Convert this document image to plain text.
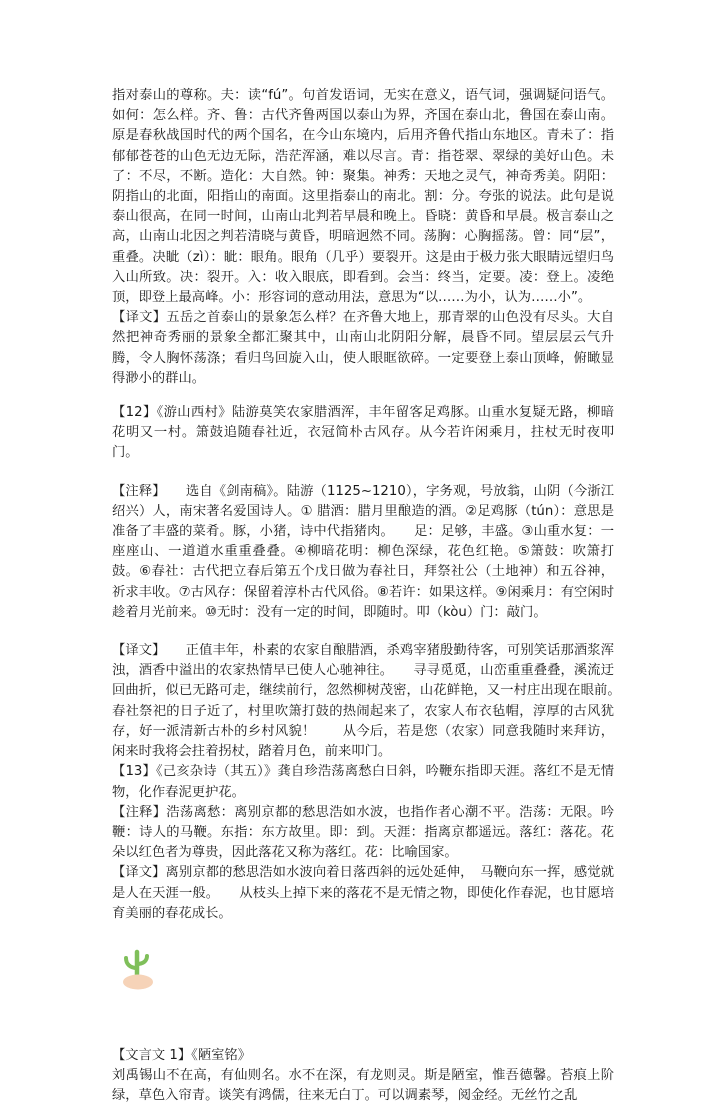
指对泰山的尊称。夫：读“fú”。句首发语词，无实在意义，语气词，强调疑问语气。如何：怎么样。齐、鲁：古代齐鲁两国以泰山为界，齐国在泰山北，鲁国在泰山南。原是春秋战国时代的两个国名，在今山东境内，后用齐鲁代指山东地区。青未了：指郁郁苍苍的山色无边无际，浩茫浑涵，难以尽言。青：指苍翠、翠绿的美好山色。未了：不尽，不断。造化：大自然。钟：聚集。神秀：天地之灵气，神奇秀美。阴阳：阴指山的北面，阳指山的南面。这里指泰山的南北。割：分。夸张的说法。此句是说泰山很高，在同一时间，山南山北判若早晨和晚上。昏晓：黄昏和早晨。极言泰山之高，山南山北因之判若清晓与黄昏，明暗迥然不同。荡胸：心胸摇荡。曾：同“层”，重叠。决眦（zì）：眦：眼角。眼角（几乎）要裂开。这是由于极力张大眼睛远望归鸟入山所致。决：裂开。入：收入眼底，即看到。会当：终当，定要。凌：登上。凌绝顶，即登上最高峰。小：形容词的意动用法，意思为“以……为小，认为……小”。

【译文】五岳之首泰山的景象怎么样？在齐鲁大地上，那青翠的山色没有尽头。大自然把神奇秀丽的景象全都汇聚其中，山南山北阴阳分解，晨昏不同。望层层云气升腾，令人胸怀荡涤；看归鸟回旋入山，使人眼眶欲碎。一定要登上泰山顶峰，俯瞰显得渺小的群山。

【12】《游山西村》陆游莫笑农家腊酒浑，丰年留客足鸡豚。山重水复疑无路，柳暗花明又一村。箫鼓追随春社近，衣冠简朴古风存。从今若许闲乘月，拄杖无时夜叩门。

【注释】　　选自《剑南稿》。陆游（1125~1210），字务观，号放翁，山阴（今浙江绍兴）人，南宋著名爱国诗人。① 腊酒：腊月里酿造的酒。②足鸡豚（tún）：意思是准备了丰盛的菜肴。豚，小猪，诗中代指猪肉。　　足：足够，丰盛。③山重水复：一座座山、一道道水重重叠叠。④柳暗花明：柳色深绿，花色红艳。⑤箫鼓：吹箫打鼓。⑥春社：古代把立春后第五个戊日做为春社日，拜祭社公（土地神）和五谷神，祈求丰收。⑦古风存：保留着淳朴古代风俗。⑧若许：如果这样。⑨闲乘月：有空闲时趁着月光前来。⑩无时：没有一定的时间，即随时。叩（kòu）门：敲门。

【译文】　　正值丰年，朴素的农家自酿腊酒，杀鸡宰猪殷勤待客，可别笑话那酒浆浑浊，酒香中溢出的农家热情早已使人心驰神往。　　寻寻觅觅，山峦重重叠叠，溪流迂回曲折，似已无路可走，继续前行，忽然柳树茂密，山花鲜艳，又一村庄出现在眼前。　　春社祭祀的日子近了，村里吹箫打鼓的热闹起来了，农家人布衣毡帽，淳厚的古风犹存，好一派清新古朴的乡村风貌！　　从今后，若是您（农家）同意我随时来拜访，闲来时我将会拄着拐杖，踏着月色，前来叩门。

【13】《己亥杂诗（其五）》龚自珍浩荡离愁白日斜，吟鞭东指即天涯。落红不是无情物，化作春泥更护花。

【注释】浩荡离愁：离别京都的愁思浩如水波，也指作者心潮不平。浩荡：无限。吟鞭：诗人的马鞭。东指：东方故里。即：到。天涯：指离京都遥远。落红：落花。花朵以红色者为尊贵，因此落花又称为落红。花：比喻国家。

【译文】离别京都的愁思浩如水波向着日落西斜的远处延伸，　马鞭向东一挥，感觉就是人在天涯一般。　　从枝头上掉下来的落花不是无情之物，即使化作春泥，也甘愿培育美丽的春花成长。

【文言文 1】《陋室铭》

刘禹锡山不在高，有仙则名。水不在深，有龙则灵。斯是陋室，惟吾德馨。苔痕上阶绿，草色入帘青。谈笑有鸿儒，往来无白丁。可以调素琴，阅金经。无丝竹之乱
